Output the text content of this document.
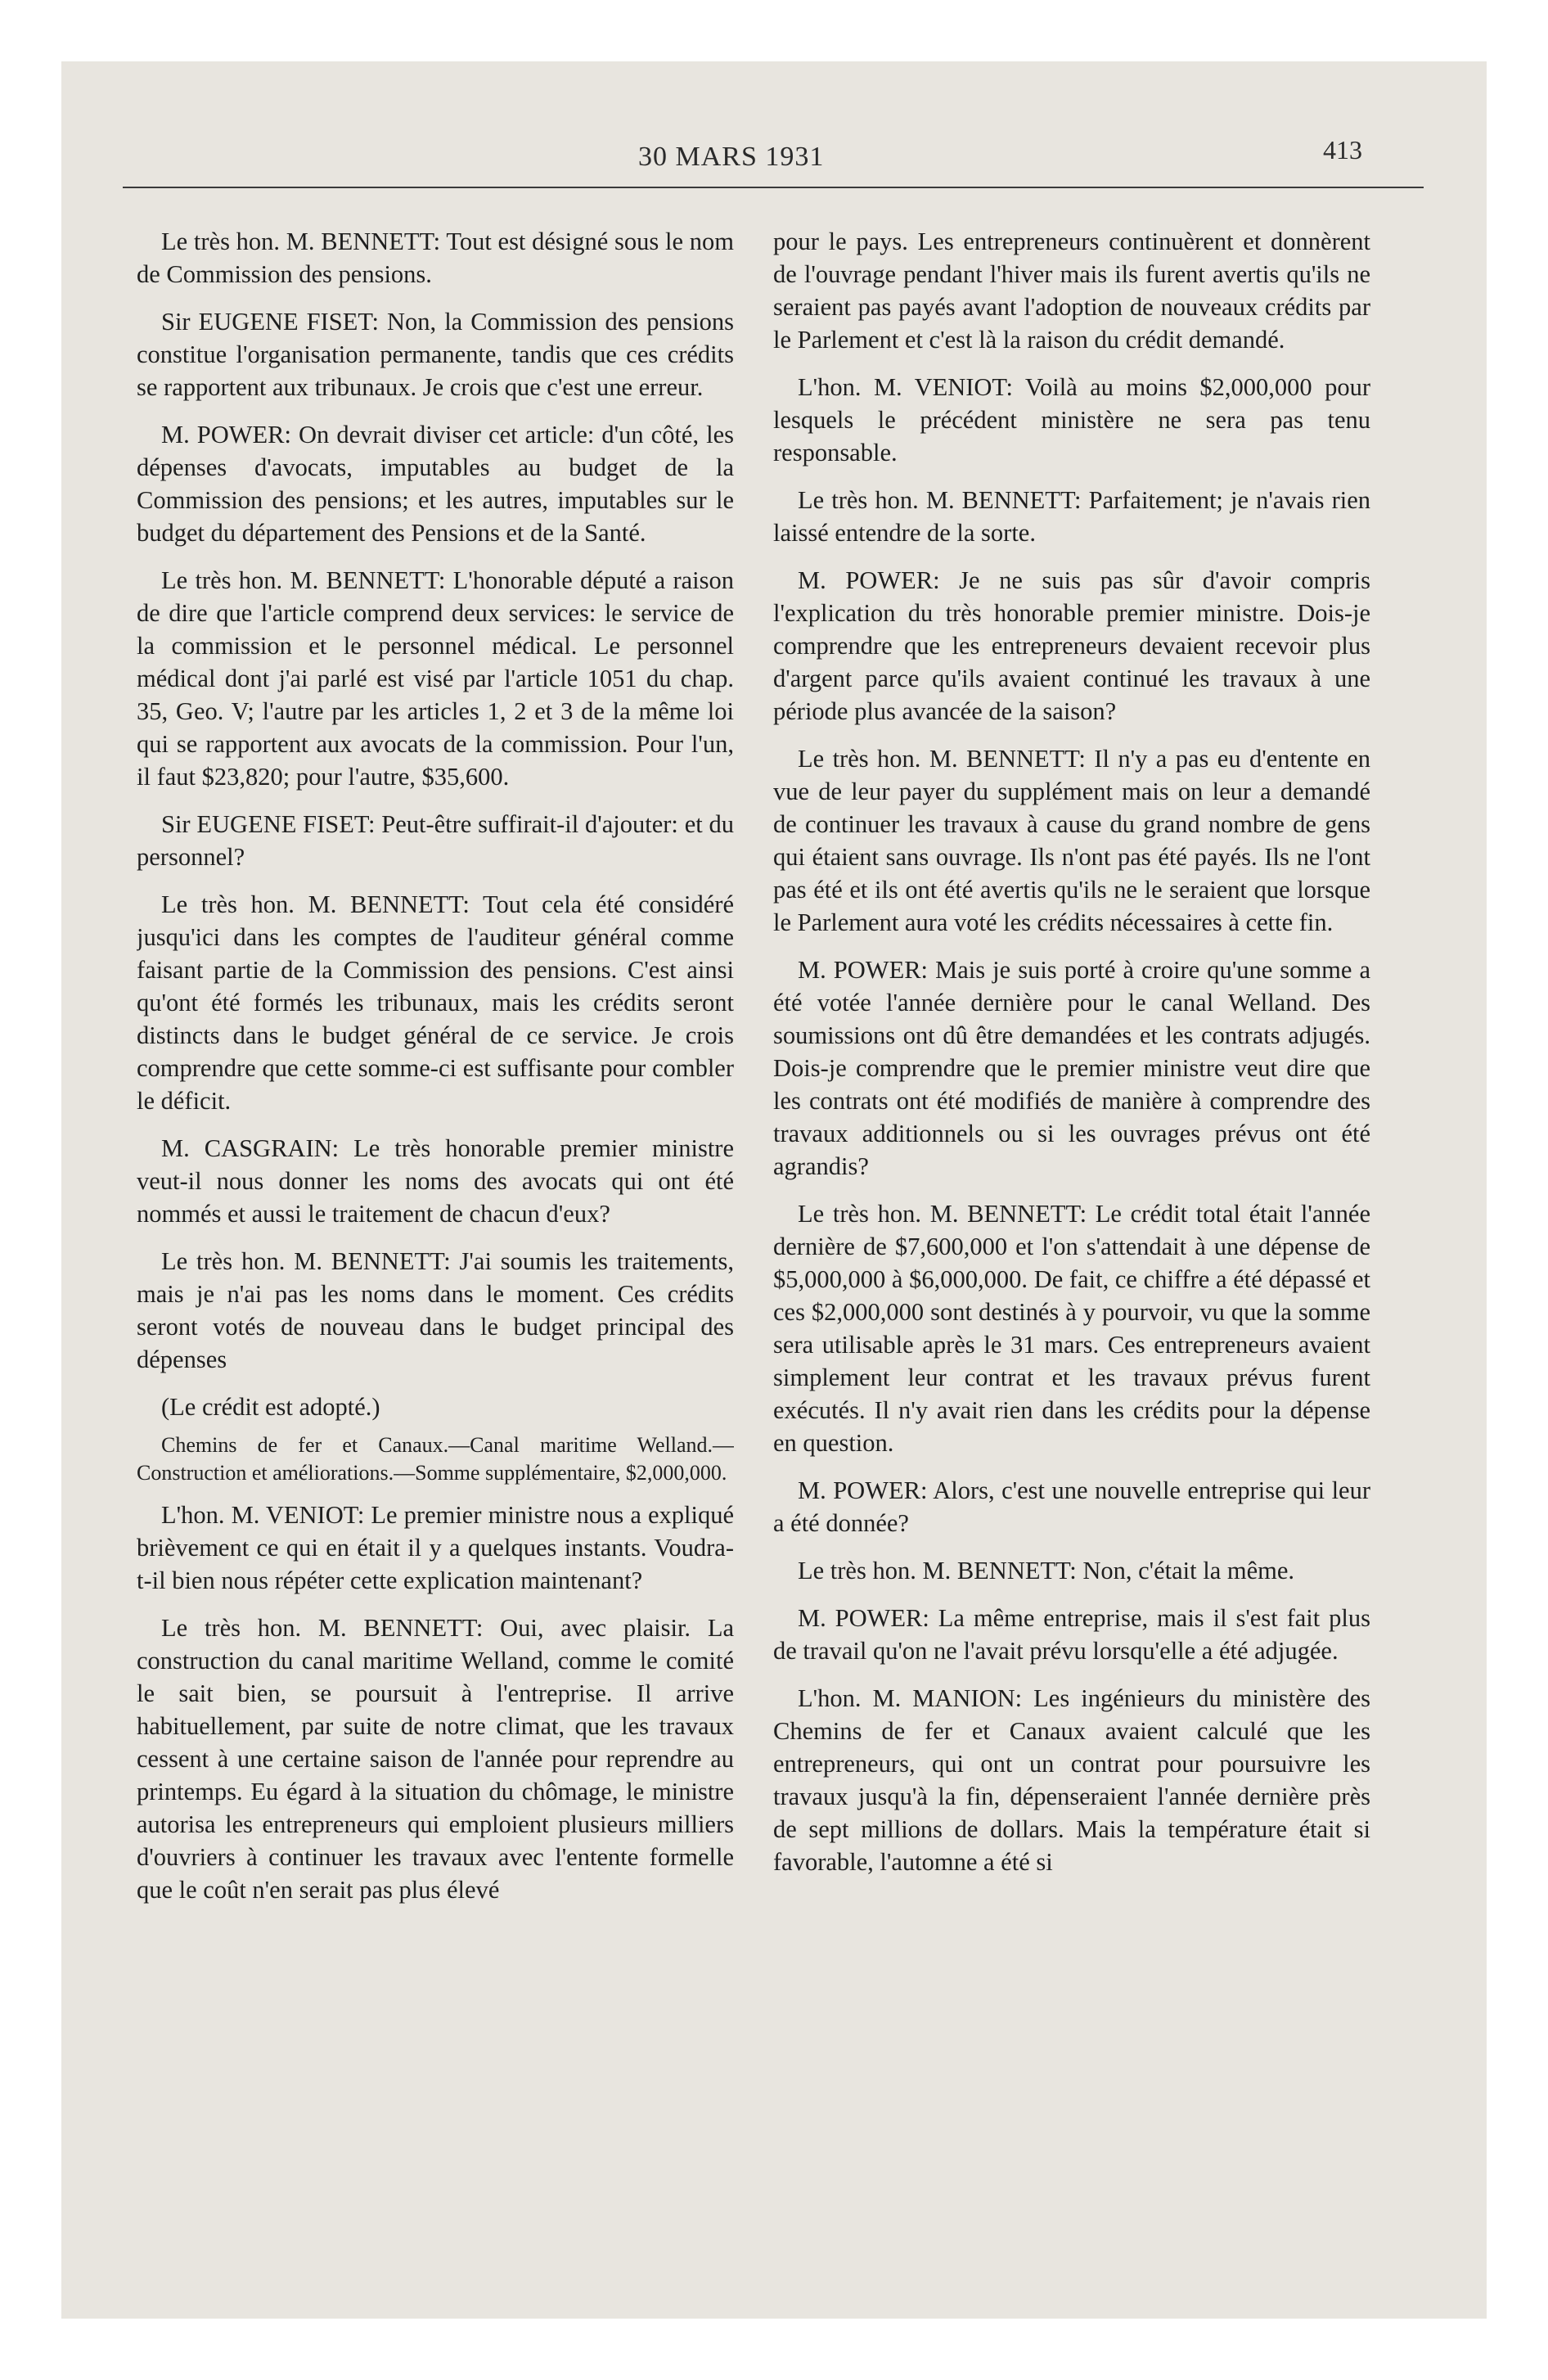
30 MARS 1931	413

Le très hon. M. BENNETT: Tout est désigné sous le nom de Commission des pensions.

Sir EUGENE FISET: Non, la Commission des pensions constitue l'organisation permanente, tandis que ces crédits se rapportent aux tribunaux. Je crois que c'est une erreur.

M. POWER: On devrait diviser cet article: d'un côté, les dépenses d'avocats, imputables au budget de la Commission des pensions; et les autres, imputables sur le budget du département des Pensions et de la Santé.

Le très hon. M. BENNETT: L'honorable député a raison de dire que l'article comprend deux services: le service de la commission et le personnel médical. Le personnel médical dont j'ai parlé est visé par l'article 1051 du chap. 35, Geo. V; l'autre par les articles 1, 2 et 3 de la même loi qui se rapportent aux avocats de la commission. Pour l'un, il faut $23,820; pour l'autre, $35,600.

Sir EUGENE FISET: Peut-être suffirait-il d'ajouter: et du personnel?

Le très hon. M. BENNETT: Tout cela été considéré jusqu'ici dans les comptes de l'auditeur général comme faisant partie de la Commission des pensions. C'est ainsi qu'ont été formés les tribunaux, mais les crédits seront distincts dans le budget général de ce service. Je crois comprendre que cette somme-ci est suffisante pour combler le déficit.

M. CASGRAIN: Le très honorable premier ministre veut-il nous donner les noms des avocats qui ont été nommés et aussi le traitement de chacun d'eux?

Le très hon. M. BENNETT: J'ai soumis les traitements, mais je n'ai pas les noms dans le moment. Ces crédits seront votés de nouveau dans le budget principal des dépenses

(Le crédit est adopté.)

Chemins de fer et Canaux.—Canal maritime Welland.—Construction et améliorations.—Somme supplémentaire, $2,000,000.

L'hon. M. VENIOT: Le premier ministre nous a expliqué brièvement ce qui en était il y a quelques instants. Voudra-t-il bien nous répéter cette explication maintenant?

Le très hon. M. BENNETT: Oui, avec plaisir. La construction du canal maritime Welland, comme le comité le sait bien, se poursuit à l'entreprise. Il arrive habituellement, par suite de notre climat, que les travaux cessent à une certaine saison de l'année pour reprendre au printemps. Eu égard à la situation du chômage, le ministre autorisa les entrepreneurs qui emploient plusieurs milliers d'ouvriers à continuer les travaux avec l'entente formelle que le coût n'en serait pas plus élevé

pour le pays. Les entrepreneurs continuèrent et donnèrent de l'ouvrage pendant l'hiver mais ils furent avertis qu'ils ne seraient pas payés avant l'adoption de nouveaux crédits par le Parlement et c'est là la raison du crédit demandé.

L'hon. M. VENIOT: Voilà au moins $2,000,000 pour lesquels le précédent ministère ne sera pas tenu responsable.

Le très hon. M. BENNETT: Parfaitement; je n'avais rien laissé entendre de la sorte.

M. POWER: Je ne suis pas sûr d'avoir compris l'explication du très honorable premier ministre. Dois-je comprendre que les entrepreneurs devaient recevoir plus d'argent parce qu'ils avaient continué les travaux à une période plus avancée de la saison?

Le très hon. M. BENNETT: Il n'y a pas eu d'entente en vue de leur payer du supplément mais on leur a demandé de continuer les travaux à cause du grand nombre de gens qui étaient sans ouvrage. Ils n'ont pas été payés. Ils ne l'ont pas été et ils ont été avertis qu'ils ne le seraient que lorsque le Parlement aura voté les crédits nécessaires à cette fin.

M. POWER: Mais je suis porté à croire qu'une somme a été votée l'année dernière pour le canal Welland. Des soumissions ont dû être demandées et les contrats adjugés. Dois-je comprendre que le premier ministre veut dire que les contrats ont été modifiés de manière à comprendre des travaux additionnels ou si les ouvrages prévus ont été agrandis?

Le très hon. M. BENNETT: Le crédit total était l'année dernière de $7,600,000 et l'on s'attendait à une dépense de $5,000,000 à $6,000,000. De fait, ce chiffre a été dépassé et ces $2,000,000 sont destinés à y pourvoir, vu que la somme sera utilisable après le 31 mars. Ces entrepreneurs avaient simplement leur contrat et les travaux prévus furent exécutés. Il n'y avait rien dans les crédits pour la dépense en question.

M. POWER: Alors, c'est une nouvelle entreprise qui leur a été donnée?

Le très hon. M. BENNETT: Non, c'était la même.

M. POWER: La même entreprise, mais il s'est fait plus de travail qu'on ne l'avait prévu lorsqu'elle a été adjugée.

L'hon. M. MANION: Les ingénieurs du ministère des Chemins de fer et Canaux avaient calculé que les entrepreneurs, qui ont un contrat pour poursuivre les travaux jusqu'à la fin, dépenseraient l'année dernière près de sept millions de dollars. Mais la température était si favorable, l'automne a été si
